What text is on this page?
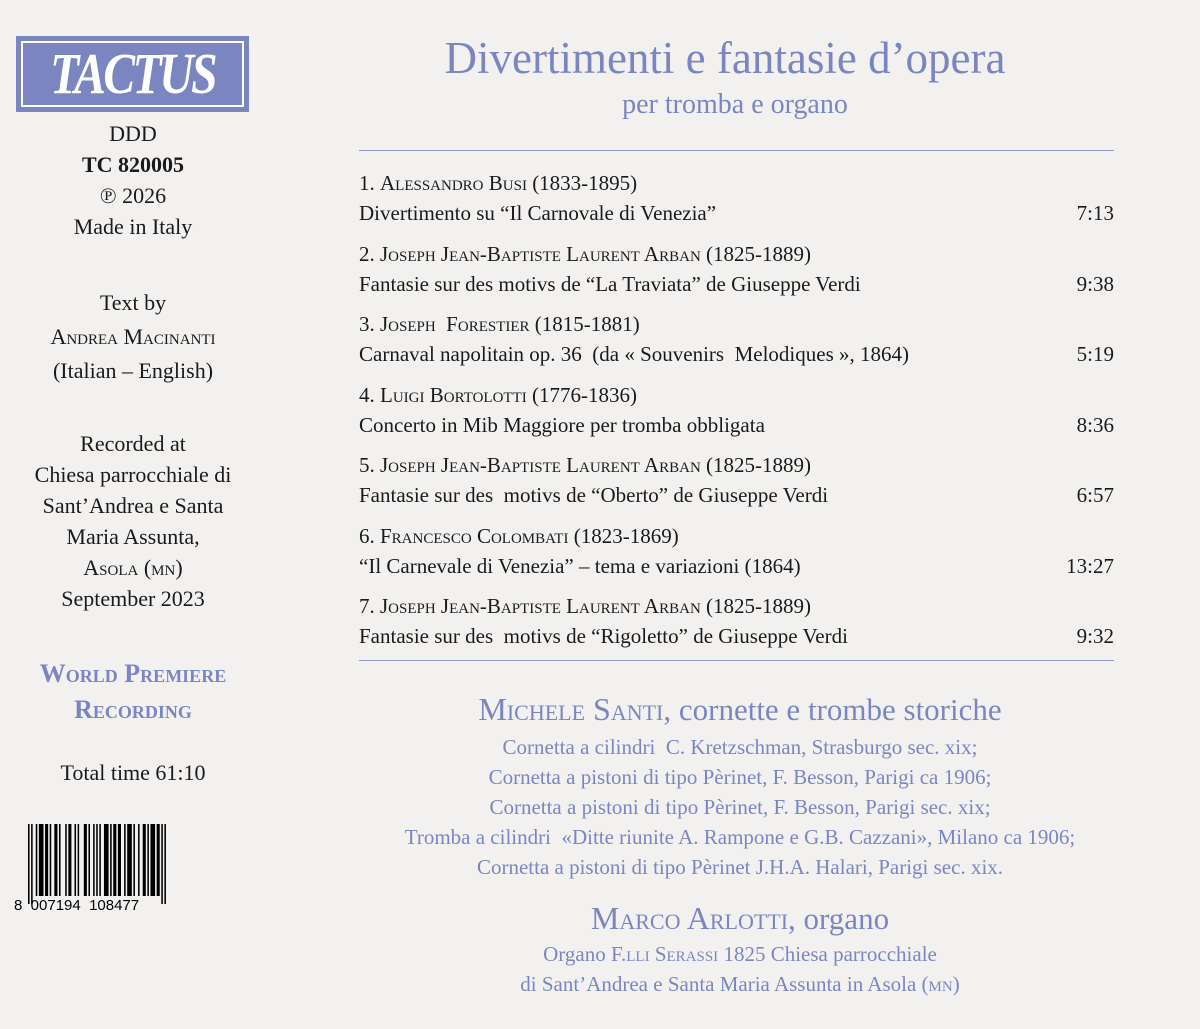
TACTUS
DDD
TC 820005
℗ 2026
Made in Italy
Text by
Andrea Macinanti
(Italian – English)
Recorded at
Chiesa parrocchiale di
Sant’Andrea e Santa
Maria Assunta,
Asola (mn)
September 2023
World Premiere
Recording
Total time 61:10
8  007194  108477
Divertimenti e fantasie d’opera
per tromba e organo
1. Alessandro Busi (1833-1895)
Divertimento su “Il Carnovale di Venezia”	7:13
2. Joseph Jean-Baptiste Laurent Arban (1825-1889)
Fantasie sur des motivs de “La Traviata” de Giuseppe Verdi	9:38
3. Joseph  Forestier (1815-1881)
Carnaval napolitain op. 36  (da « Souvenirs  Melodiques », 1864)	5:19
4. Luigi Bortolotti (1776-1836)
Concerto in Mib Maggiore per tromba obbligata	8:36
5. Joseph Jean-Baptiste Laurent Arban (1825-1889)
Fantasie sur des  motivs de “Oberto” de Giuseppe Verdi	6:57
6. Francesco Colombati (1823-1869)
“Il Carnevale di Venezia” – tema e variazioni (1864)	13:27
7. Joseph Jean-Baptiste Laurent Arban (1825-1889)
Fantasie sur des  motivs de “Rigoletto” de Giuseppe Verdi	9:32
Michele Santi, cornette e trombe storiche
Cornetta a cilindri  C. Kretzschman, Strasburgo sec. xix;
Cornetta a pistoni di tipo Pèrinet, F. Besson, Parigi ca 1906;
Cornetta a pistoni di tipo Pèrinet, F. Besson, Parigi sec. xix;
Tromba a cilindri  «Ditte riunite A. Rampone e G.B. Cazzani», Milano ca 1906;
Cornetta a pistoni di tipo Pèrinet J.H.A. Halari, Parigi sec. xix.
Marco Arlotti, organo
Organo F.lli Serassi 1825 Chiesa parrocchiale
di Sant’Andrea e Santa Maria Assunta in Asola (mn)
